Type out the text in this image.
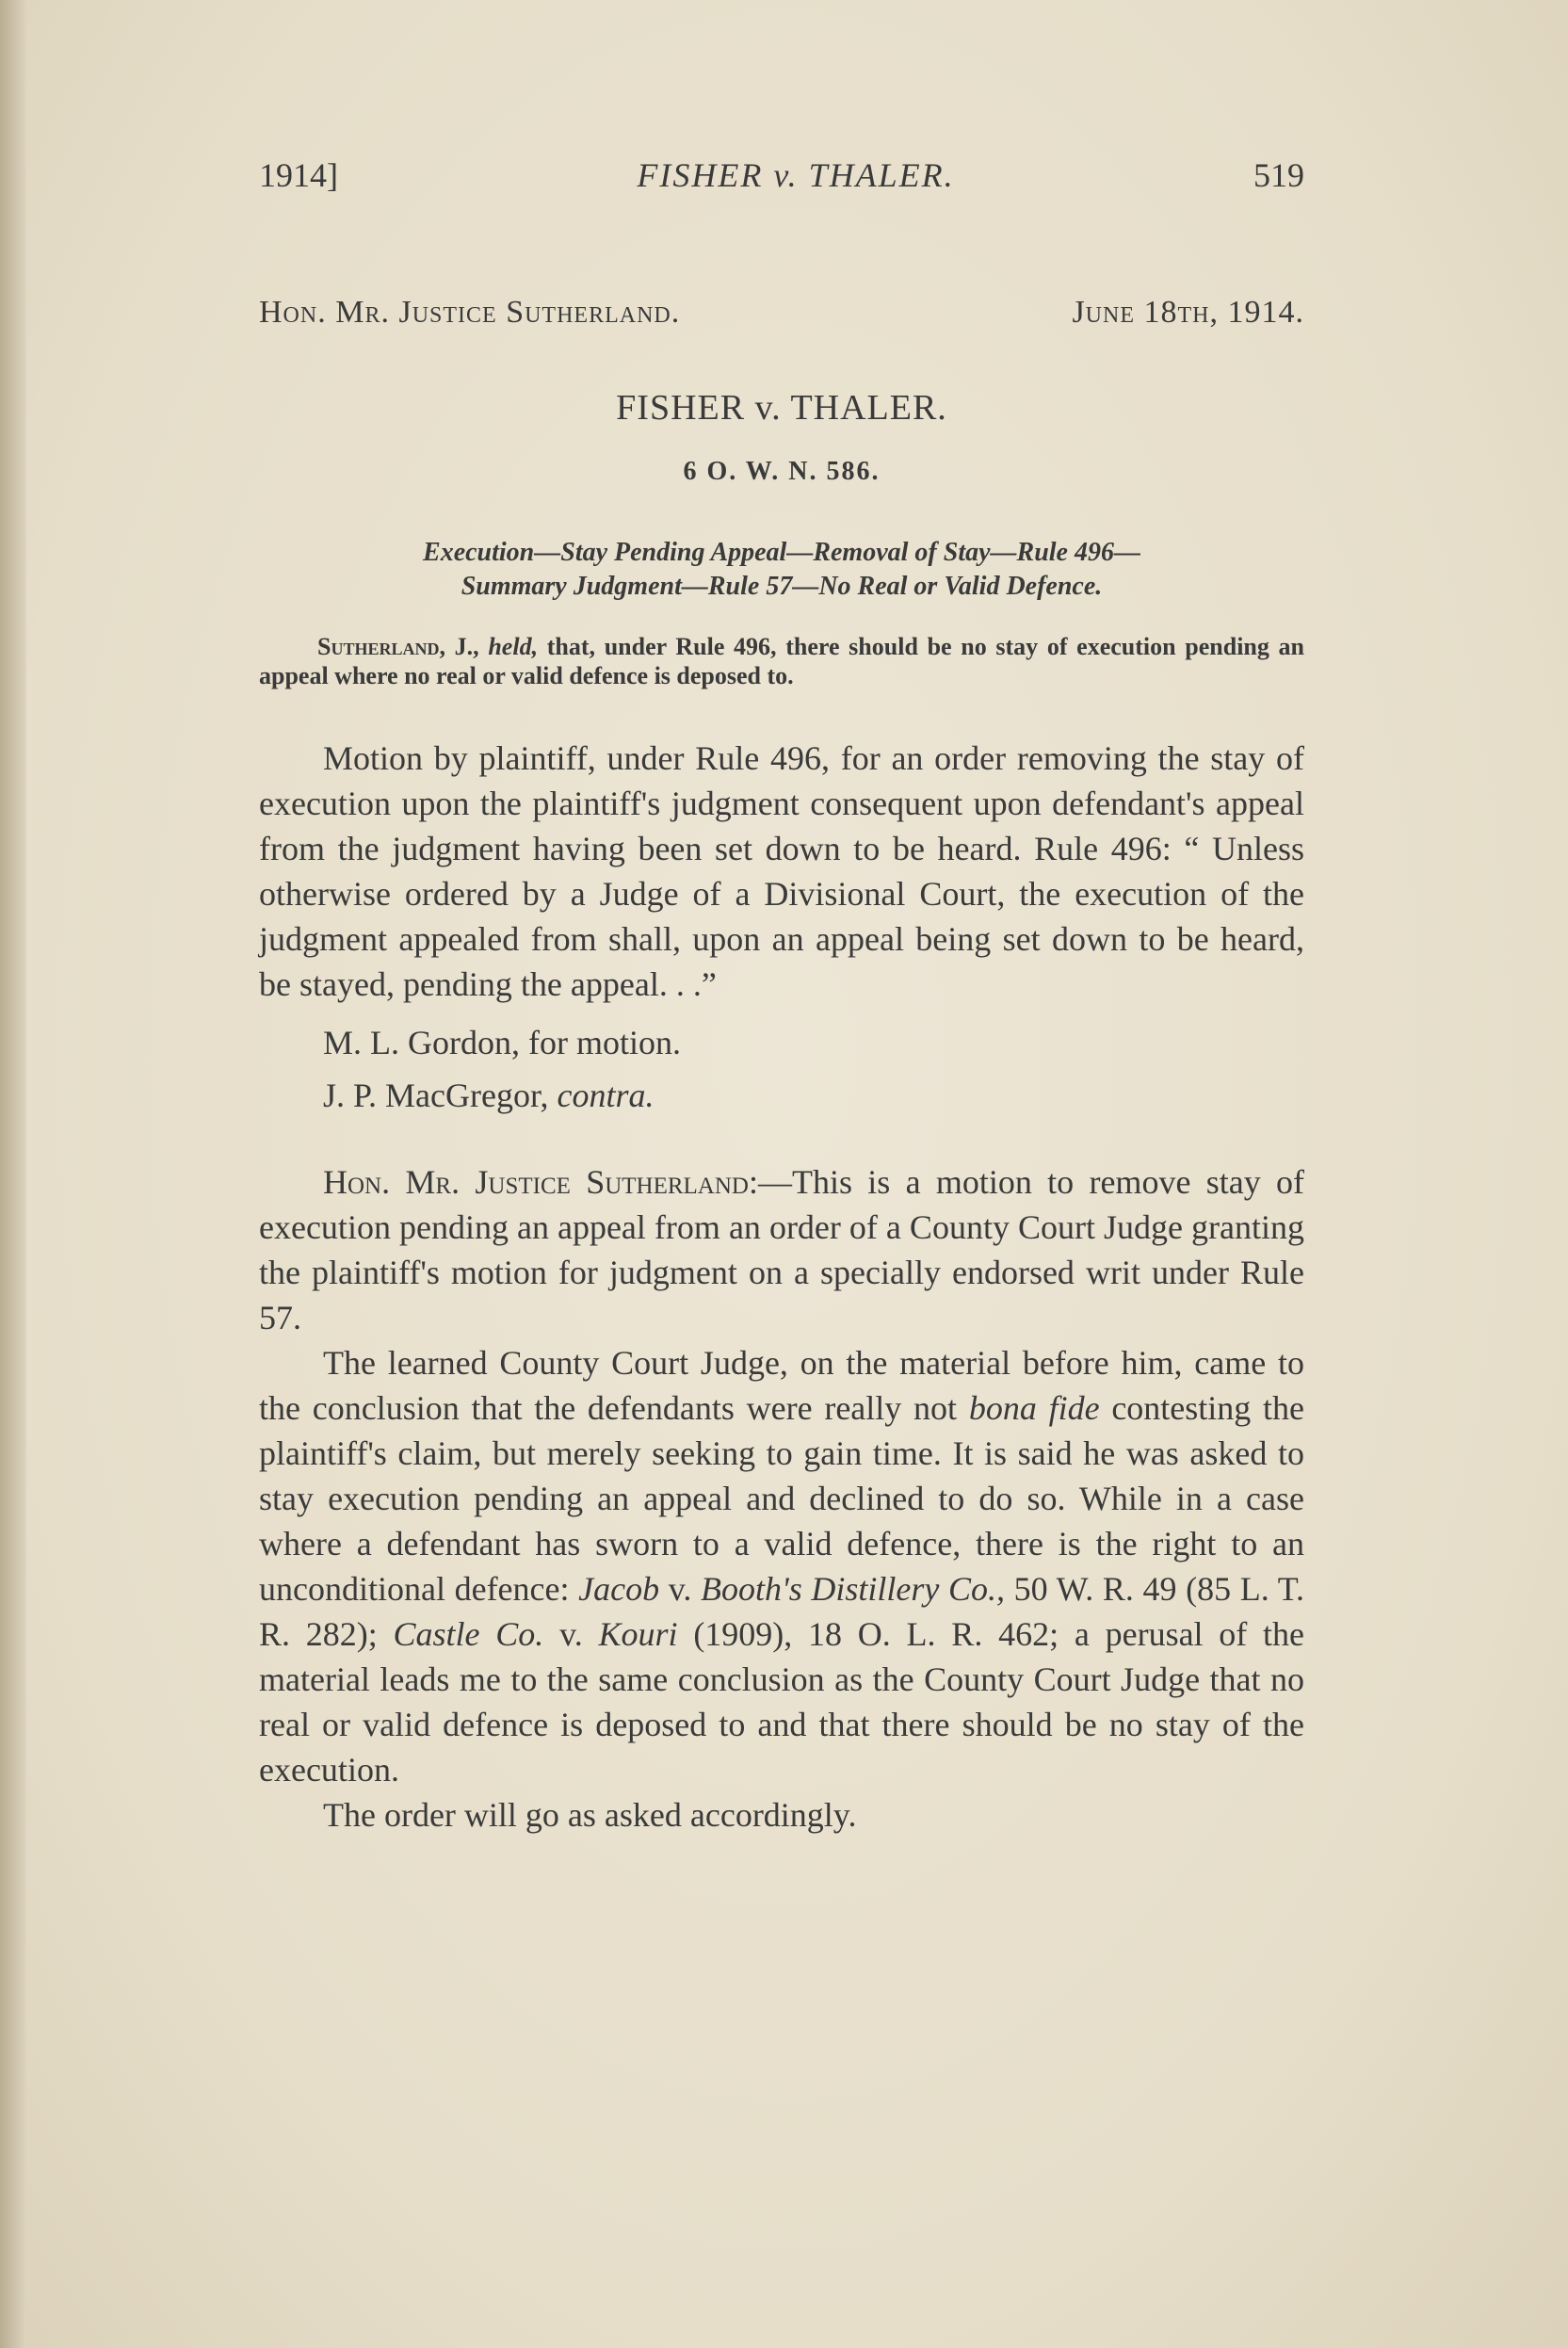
1914]	FISHER v. THALER.	519
Hon. Mr. Justice Sutherland.	June 18th, 1914.
FISHER v. THALER.
6 O. W. N. 586.
Execution—Stay Pending Appeal—Removal of Stay—Rule 496—
Summary Judgment—Rule 57—No Real or Valid Defence.
Sutherland, J., held, that, under Rule 496, there should be no stay of execution pending an appeal where no real or valid defence is deposed to.

Motion by plaintiff, under Rule 496, for an order removing the stay of execution upon the plaintiff's judgment consequent upon defendant's appeal from the judgment having been set down to be heard. Rule 496: “ Unless otherwise ordered by a Judge of a Divisional Court, the execution of the judgment appealed from shall, upon an appeal being set down to be heard, be stayed, pending the appeal. . .”

M. L. Gordon, for motion.

J. P. MacGregor, contra.

Hon. Mr. Justice Sutherland:—This is a motion to remove stay of execution pending an appeal from an order of a County Court Judge granting the plaintiff's motion for judgment on a specially endorsed writ under Rule 57.

The learned County Court Judge, on the material before him, came to the conclusion that the defendants were really not bona fide contesting the plaintiff's claim, but merely seeking to gain time. It is said he was asked to stay execution pending an appeal and declined to do so. While in a case where a defendant has sworn to a valid defence, there is the right to an unconditional defence: Jacob v. Booth's Distillery Co., 50 W. R. 49 (85 L. T. R. 282); Castle Co. v. Kouri (1909), 18 O. L. R. 462; a perusal of the material leads me to the same conclusion as the County Court Judge that no real or valid defence is deposed to and that there should be no stay of the execution.

The order will go as asked accordingly.
